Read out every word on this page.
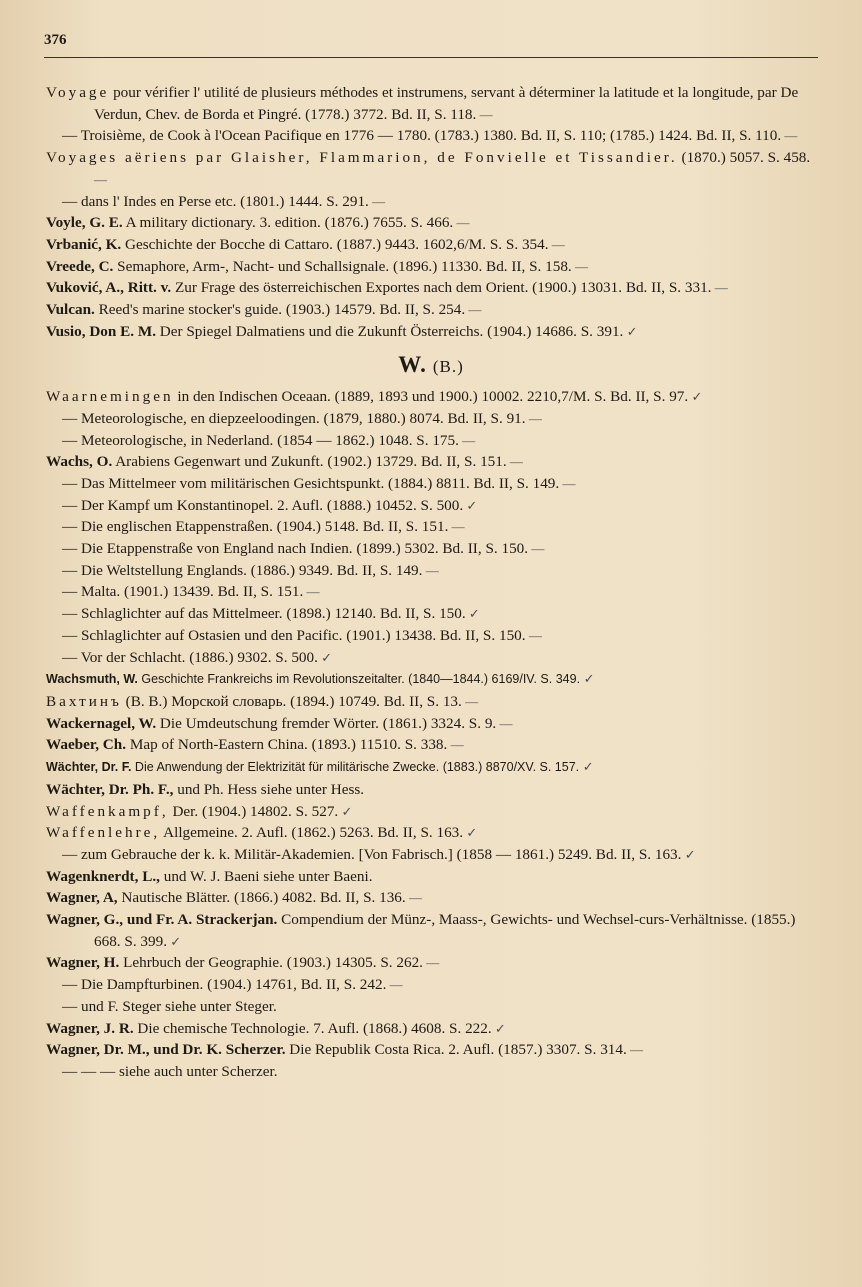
376
Voyage pour vérifier l' utilité de plusieurs méthodes et instrumens, servant à déterminer la latitude et la longitude, par De Verdun, Chev. de Borda et Pingré. (1778.) 3772. Bd. II, S. 118. —
— Troisième, de Cook à l'Ocean Pacifique en 1776 — 1780. (1783.) 1380. Bd. II, S. 110; (1785.) 1424. Bd. II, S. 110. —
Voyages aëriens par Glaisher, Flammarion, de Fonvielle et Tissandier. (1870.) 5057. S. 458. —
— dans l' Indes en Perse etc. (1801.) 1444. S. 291. —
Voyle, G. E. A military dictionary. 3. edition. (1876.) 7655. S. 466. —
Vrbanić, K. Geschichte der Bocche di Cattaro. (1887.) 9443. 1602,6/M. S. S. 354. —
Vreede, C. Semaphore, Arm-, Nacht- und Schallsignale. (1896.) 11330. Bd. II, S. 158. —
Vuković, A., Ritt. v. Zur Frage des österreichischen Exportes nach dem Orient. (1900.) 13031. Bd. II, S. 331. —
Vulcan. Reed's marine stocker's guide. (1903.) 14579. Bd. II, S. 254. —
Vusio, Don E. M. Der Spiegel Dalmatiens und die Zukunft Österreichs. (1904.) 14686. S. 391. ✓
W. (B.)
Waarnemingen in den Indischen Oceaan. (1889, 1893 und 1900.) 10002. 2210,7/M. S. Bd. II, S. 97. ✓
— Meteorologische, en diepzeeloodingen. (1879, 1880.) 8074. Bd. II, S. 91. —
— Meteorologische, in Nederland. (1854 — 1862.) 1048. S. 175. —
Wachs, O. Arabiens Gegenwart und Zukunft. (1902.) 13729. Bd. II, S. 151. —
— Das Mittelmeer vom militärischen Gesichtspunkt. (1884.) 8811. Bd. II, S. 149. —
— Der Kampf um Konstantinopel. 2. Aufl. (1888.) 10452. S. 500. ✓
— Die englischen Etappenstraßen. (1904.) 5148. Bd. II, S. 151. —
— Die Etappenstraße von England nach Indien. (1899.) 5302. Bd. II, S. 150. —
— Die Weltstellung Englands. (1886.) 9349. Bd. II, S. 149. —
— Malta. (1901.) 13439. Bd. II, S. 151. —
— Schlaglichter auf das Mittelmeer. (1898.) 12140. Bd. II, S. 150. ✓
— Schlaglichter auf Ostasien und den Pacific. (1901.) 13438. Bd. II, S. 150. —
— Vor der Schlacht. (1886.) 9302. S. 500. ✓
Wachsmuth, W. Geschichte Frankreichs im Revolutionszeitalter. (1840—1844.) 6169/IV. S. 349. ✓
Вахтинъ (В. В.) Морской словарь. (1894.) 10749. Bd. II, S. 13. —
Wackernagel, W. Die Umdeutschung fremder Wörter. (1861.) 3324. S. 9. —
Waeber, Ch. Map of North-Eastern China. (1893.) 11510. S. 338. —
Wächter, Dr. F. Die Anwendung der Elektrizität für militärische Zwecke. (1883.) 8870/XV. S. 157. ✓
Wächter, Dr. Ph. F., und Ph. Hess siehe unter Hess.
Waffenkampf, Der. (1904.) 14802. S. 527. ✓
Waffenlehre, Allgemeine. 2. Aufl. (1862.) 5263. Bd. II, S. 163. ✓
— zum Gebrauche der k. k. Militär-Akademien. [Von Fabrisch.] (1858 — 1861.) 5249. Bd. II, S. 163. ✓
Wagenknerdt, L., und W. J. Baeni siehe unter Baeni.
Wagner, A, Nautische Blätter. (1866.) 4082. Bd. II, S. 136. —
Wagner, G., und Fr. A. Strackerjan. Compendium der Münz-, Maass-, Gewichts- und Wechsel-curs-Verhältnisse. (1855.) 668. S. 399. ✓
Wagner, H. Lehrbuch der Geographie. (1903.) 14305. S. 262. —
— Die Dampfturbinen. (1904.) 14761, Bd. II, S. 242. —
— und F. Steger siehe unter Steger.
Wagner, J. R. Die chemische Technologie. 7. Aufl. (1868.) 4608. S. 222. ✓
Wagner, Dr. M., und Dr. K. Scherzer. Die Republik Costa Rica. 2. Aufl. (1857.) 3307. S. 314. —
— — — siehe auch unter Scherzer.
